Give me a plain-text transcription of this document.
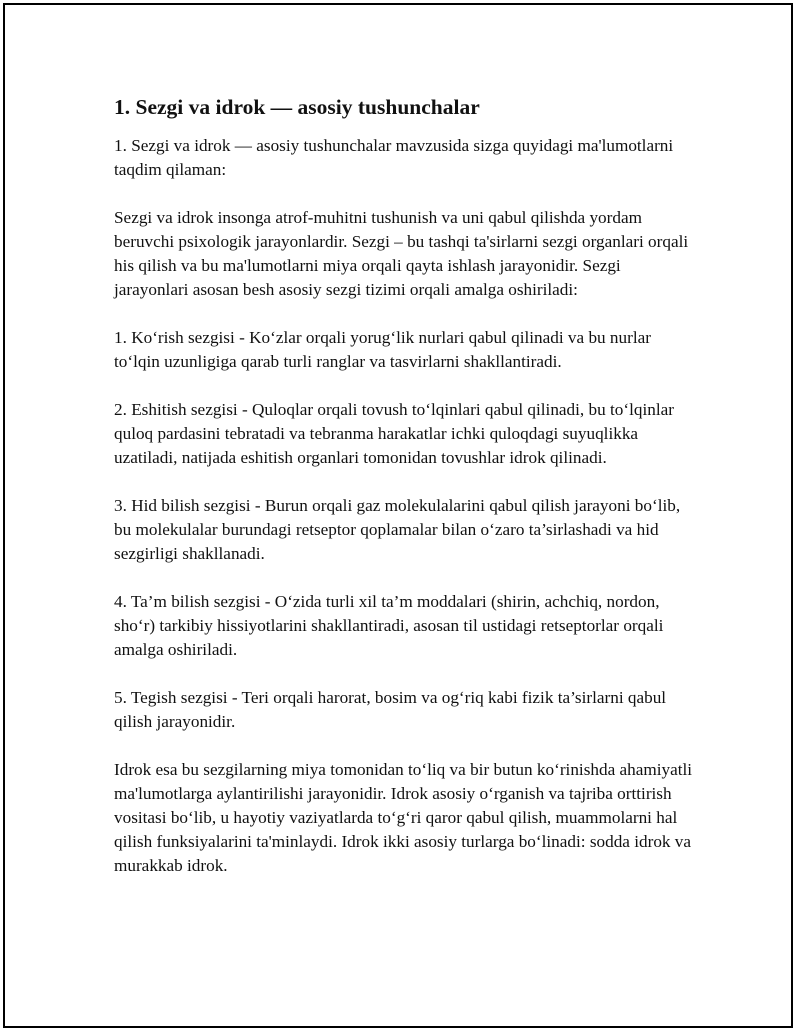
1. Sezgi va idrok — asosiy tushunchalar

1. Sezgi va idrok — asosiy tushunchalar mavzusida sizga quyidagi ma'lumotlarni taqdim qilaman:

Sezgi va idrok insonga atrof-muhitni tushunish va uni qabul qilishda yordam beruvchi psixologik jarayonlardir. Sezgi – bu tashqi ta'sirlarni sezgi organlari orqali his qilish va bu ma'lumotlarni miya orqali qayta ishlash jarayonidir. Sezgi jarayonlari asosan besh asosiy sezgi tizimi orqali amalga oshiriladi:

1. Ko‘rish sezgisi - Ko‘zlar orqali yorug‘lik nurlari qabul qilinadi va bu nurlar to‘lqin uzunligiga qarab turli ranglar va tasvirlarni shakllantiradi.

2. Eshitish sezgisi - Quloqlar orqali tovush to‘lqinlari qabul qilinadi, bu to‘lqinlar quloq pardasini tebratadi va tebranma harakatlar ichki quloqdagi suyuqlikka uzatiladi, natijada eshitish organlari tomonidan tovushlar idrok qilinadi.

3. Hid bilish sezgisi - Burun orqali gaz molekulalarini qabul qilish jarayoni bo‘lib, bu molekulalar burundagi retseptor qoplamalar bilan o‘zaro ta’sirlashadi va hid sezgirligi shakllanadi.

4. Ta’m bilish sezgisi - O‘zida turli xil ta’m moddalari (shirin, achchiq, nordon, sho‘r) tarkibiy hissiyotlarini shakllantiradi, asosan til ustidagi retseptorlar orqali amalga oshiriladi.

5. Tegish sezgisi - Teri orqali harorat, bosim va og‘riq kabi fizik ta’sirlarni qabul qilish jarayonidir.

Idrok esa bu sezgilarning miya tomonidan to‘liq va bir butun ko‘rinishda ahamiyatli ma'lumotlarga aylantirilishi jarayonidir. Idrok asosiy o‘rganish va tajriba orttirish vositasi bo‘lib, u hayotiy vaziyatlarda to‘g‘ri qaror qabul qilish, muammolarni hal qilish funksiyalarini ta'minlaydi. Idrok ikki asosiy turlarga bo‘linadi: sodda idrok va murakkab idrok.
